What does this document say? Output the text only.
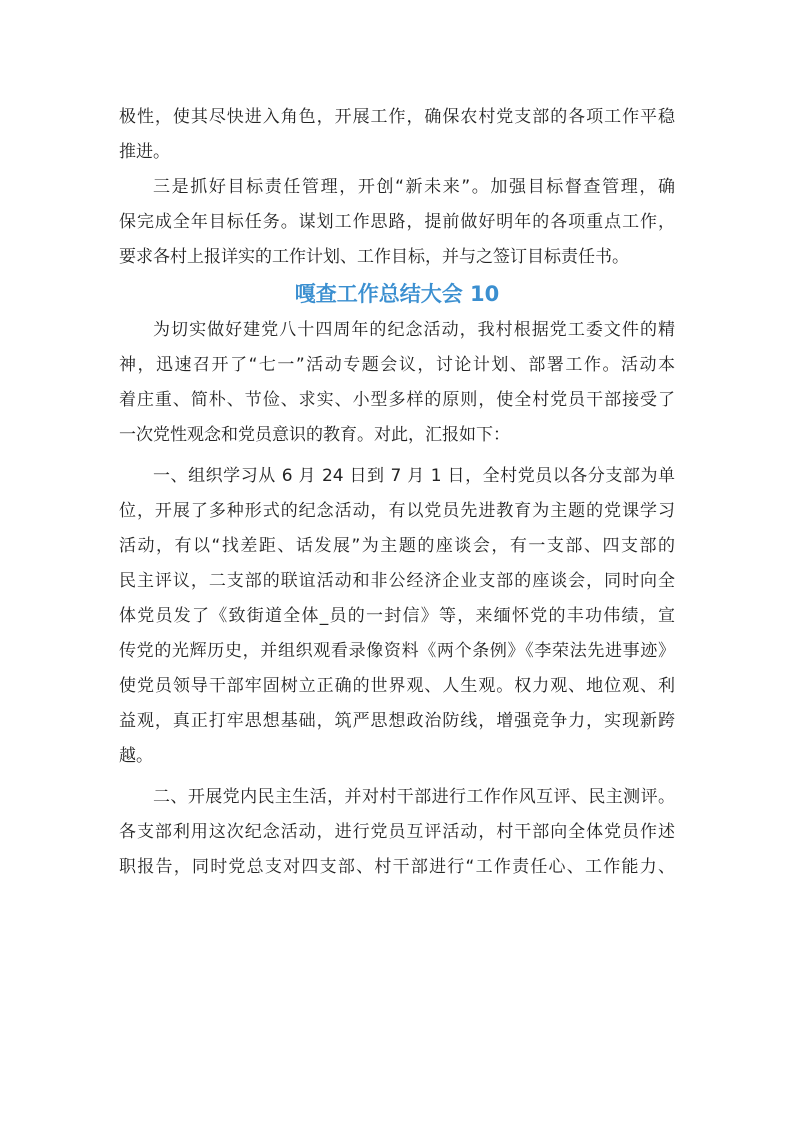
极性，使其尽快进入角色，开展工作，确保农村党支部的各项工作平稳

推进。

三是抓好目标责任管理，开创“新未来”。加强目标督查管理，确

保完成全年目标任务。谋划工作思路，提前做好明年的各项重点工作，

要求各村上报详实的工作计划、工作目标，并与之签订目标责任书。

嘎查工作总结大会 10

为切实做好建党八十四周年的纪念活动，我村根据党工委文件的精

神，迅速召开了“七一”活动专题会议，讨论计划、部署工作。活动本

着庄重、简朴、节俭、求实、小型多样的原则，使全村党员干部接受了

一次党性观念和党员意识的教育。对此，汇报如下：

一、组织学习从 6 月 24 日到 7 月 1 日，全村党员以各分支部为单

位，开展了多种形式的纪念活动，有以党员先进教育为主题的党课学习

活动，有以“找差距、话发展”为主题的座谈会，有一支部、四支部的

民主评议，二支部的联谊活动和非公经济企业支部的座谈会，同时向全

体党员发了《致街道全体_员的一封信》等，来缅怀党的丰功伟绩，宣

传党的光辉历史，并组织观看录像资料《两个条例》《李荣法先进事迹》

使党员领导干部牢固树立正确的世界观、人生观。权力观、地位观、利

益观，真正打牢思想基础，筑严思想政治防线，增强竞争力，实现新跨

越。

二、开展党内民主生活，并对村干部进行工作作风互评、民主测评。

各支部利用这次纪念活动，进行党员互评活动，村干部向全体党员作述

职报告，同时党总支对四支部、村干部进行“工作责任心、工作能力、
